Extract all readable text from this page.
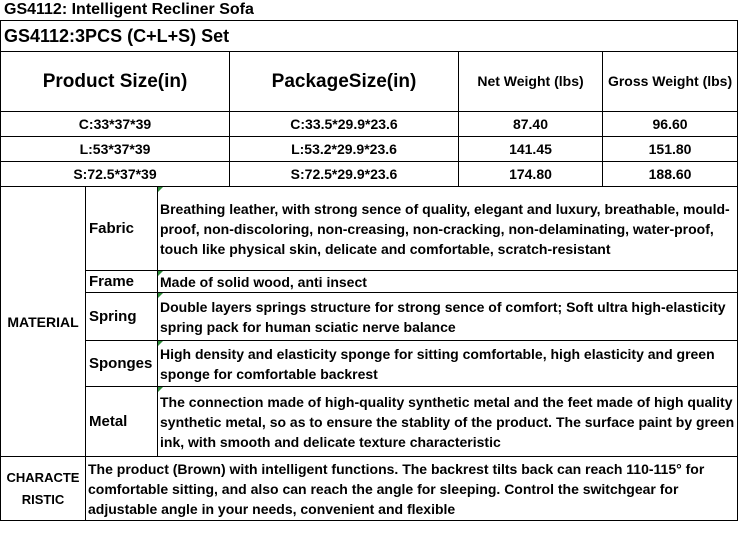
GS4112: Intelligent Recliner Sofa
GS4112:3PCS (C+L+S) Set					
Product Size(in)			PackageSize(in)	Net Weight (lbs)	Gross Weight (lbs)
C:33*37*39			C:33.5*29.9*23.6	87.40	96.60
L:53*37*39			L:53.2*29.9*23.6	141.45	151.80
S:72.5*37*39			S:72.5*29.9*23.6	174.80	188.60
MATERIAL	Fabric	Breathing leather, with strong sence of quality, elegant and luxury, breathable, mould-proof, non-discoloring, non-creasing, non-cracking, non-delaminating, water-proof, touch like physical skin, delicate and comfortable, scratch-resistant			
	Frame	Made of solid wood, anti insect			
	Spring	Double layers springs structure for strong sence of comfort; Soft ultra high-elasticity spring pack for human sciatic nerve balance			
	Sponges	High density and elasticity sponge for sitting comfortable, high elasticity and green sponge for comfortable backrest			
	Metal	The connection made of high-quality synthetic metal and the feet made of high quality synthetic metal, so as to ensure the stablity of the product. The surface paint by green ink, with smooth and delicate texture characteristic			
CHARACTE RISTIC	The product (Brown) with intelligent functions. The backrest tilts back can reach 110-115° for comfortable sitting, and also can reach the angle for sleeping. Control the switchgear for adjustable angle in your needs, convenient and flexible				
